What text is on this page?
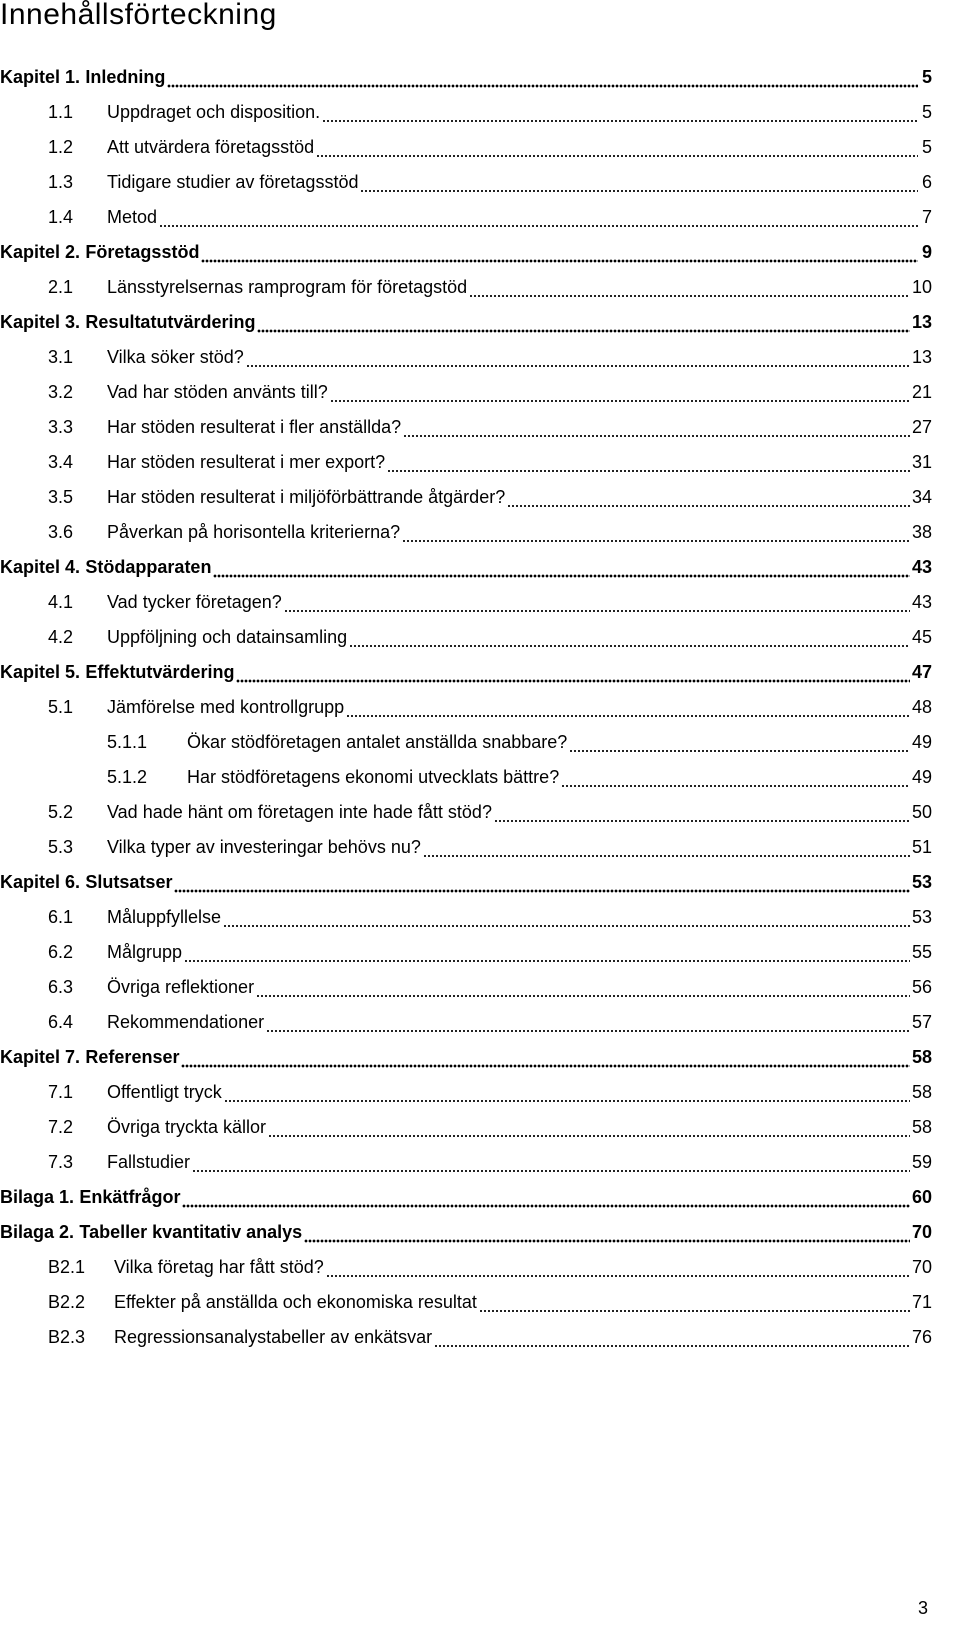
Innehållsförteckning
Kapitel 1. Inledning	5
1.1	Uppdraget och disposition.	5
1.2	Att utvärdera företagsstöd	5
1.3	Tidigare studier av företagsstöd	6
1.4	Metod	7
Kapitel 2. Företagsstöd	9
2.1	Länsstyrelsernas ramprogram för företagstöd	10
Kapitel 3. Resultatutvärdering	13
3.1	Vilka söker stöd?	13
3.2	Vad har stöden använts till?	21
3.3	Har stöden resulterat i fler anställda?	27
3.4	Har stöden resulterat i mer export?	31
3.5	Har stöden resulterat i miljöförbättrande åtgärder?	34
3.6	Påverkan på horisontella kriterierna?	38
Kapitel 4. Stödapparaten	43
4.1	Vad tycker företagen?	43
4.2	Uppföljning och datainsamling	45
Kapitel 5. Effektutvärdering	47
5.1	Jämförelse med kontrollgrupp	48
5.1.1	Ökar stödföretagen antalet anställda snabbare?	49
5.1.2	Har stödföretagens ekonomi utvecklats bättre?	49
5.2	Vad hade hänt om företagen inte hade fått stöd?	50
5.3	Vilka typer av investeringar behövs nu?	51
Kapitel 6. Slutsatser	53
6.1	Måluppfyllelse	53
6.2	Målgrupp	55
6.3	Övriga reflektioner	56
6.4	Rekommendationer	57
Kapitel 7. Referenser	58
7.1	Offentligt tryck	58
7.2	Övriga tryckta källor	58
7.3	Fallstudier	59
Bilaga 1. Enkätfrågor	60
Bilaga 2. Tabeller kvantitativ analys	70
B2.1	Vilka företag har fått stöd?	70
B2.2	Effekter på anställda och ekonomiska resultat	71
B2.3	Regressionsanalystabeller av enkätsvar	76
3
